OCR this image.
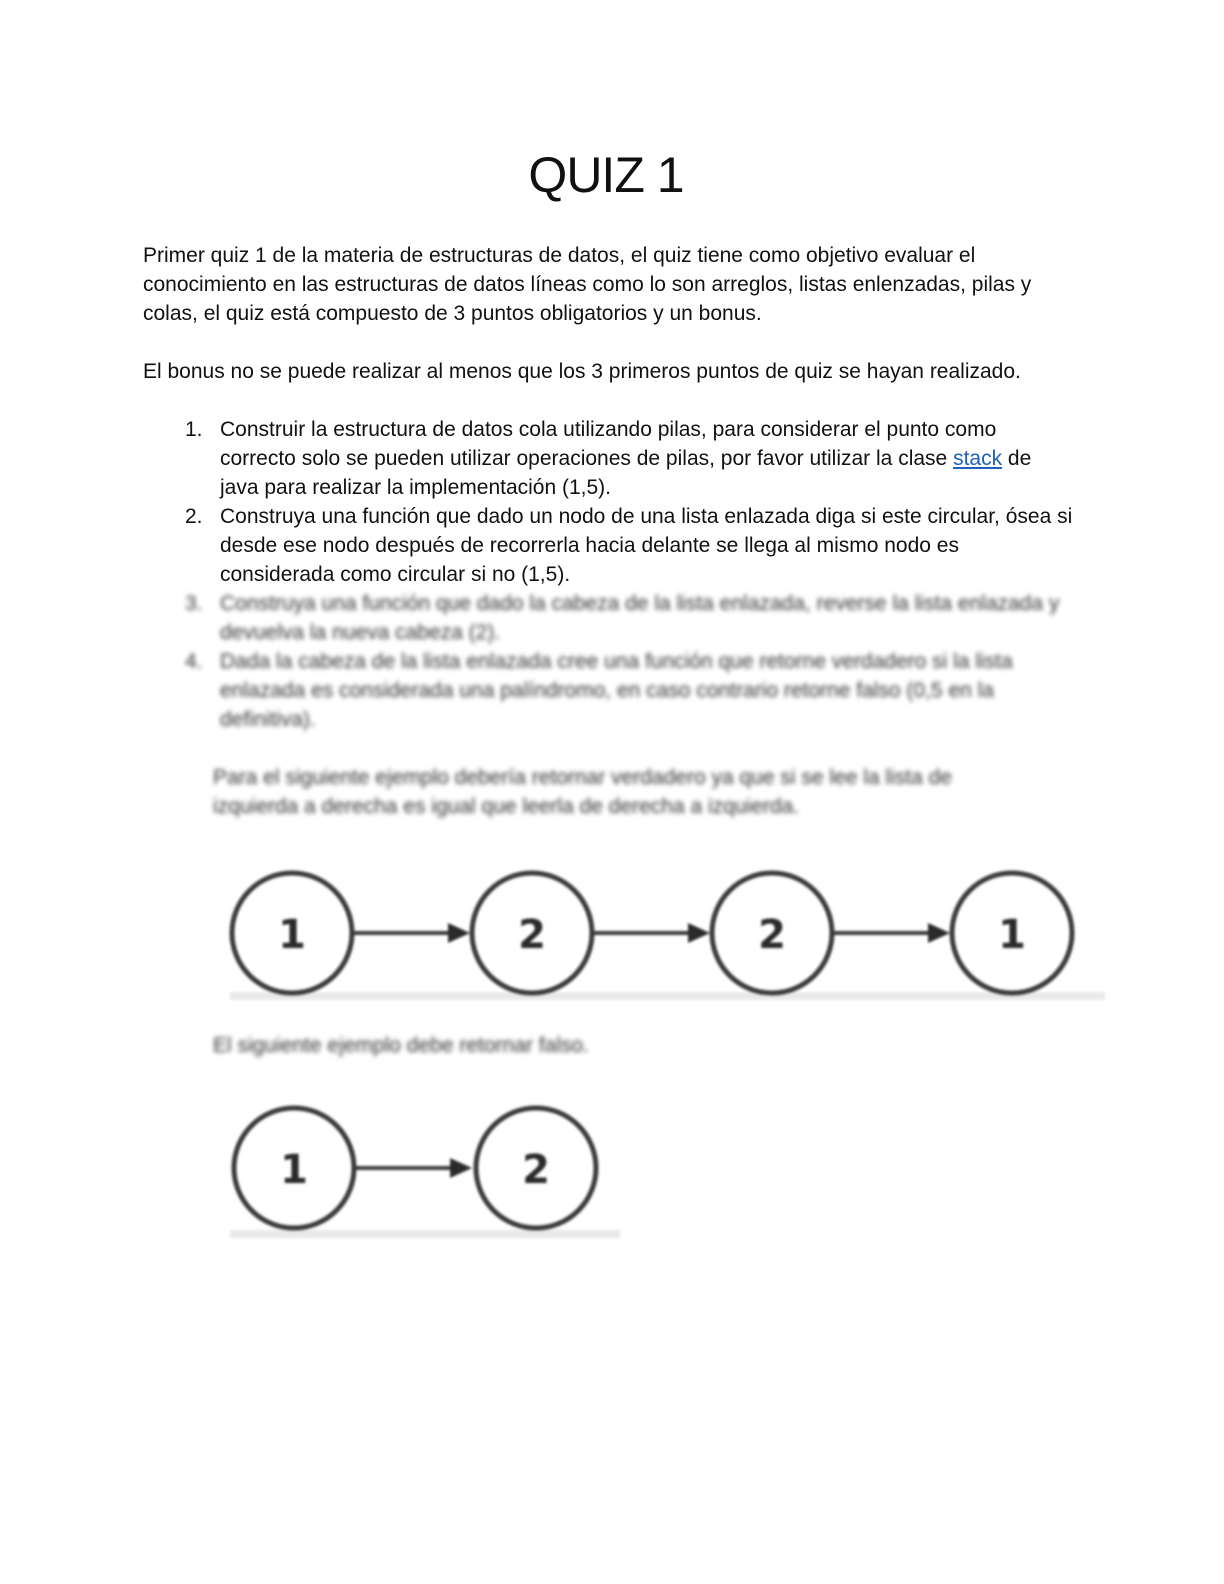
QUIZ 1

Primer quiz 1 de la materia de estructuras de datos, el quiz tiene como objetivo evaluar el conocimiento en las estructuras de datos líneas como lo son arreglos, listas enlenzadas, pilas y colas, el quiz está compuesto de 3 puntos obligatorios y un bonus.

El bonus no se puede realizar al menos que los 3 primeros puntos de quiz se hayan realizado.

1. Construir la estructura de datos cola utilizando pilas, para considerar el punto como correcto solo se pueden utilizar operaciones de pilas, por favor utilizar la clase stack de java para realizar la implementación (1,5).
2. Construya una función que dado un nodo de una lista enlazada diga si este circular, ósea si desde ese nodo después de recorrerla hacia delante se llega al mismo nodo es considerada como circular si no (1,5).
3. Construya una función que dado la cabeza de la lista enlazada, reverse la lista enlazada y devuelva la nueva cabeza (2).
4. Dada la cabeza de la lista enlazada cree una función que retorne verdadero si la lista enlazada es considerada una palíndromo, en caso contrario retorne falso (0,5 en la definitiva).

Para el siguiente ejemplo debería retornar verdadero ya que si se lee la lista de izquierda a derecha es igual que leerla de derecha a izquierda.

1	2	2	1

El siguiente ejemplo debe retornar falso.

1	2
